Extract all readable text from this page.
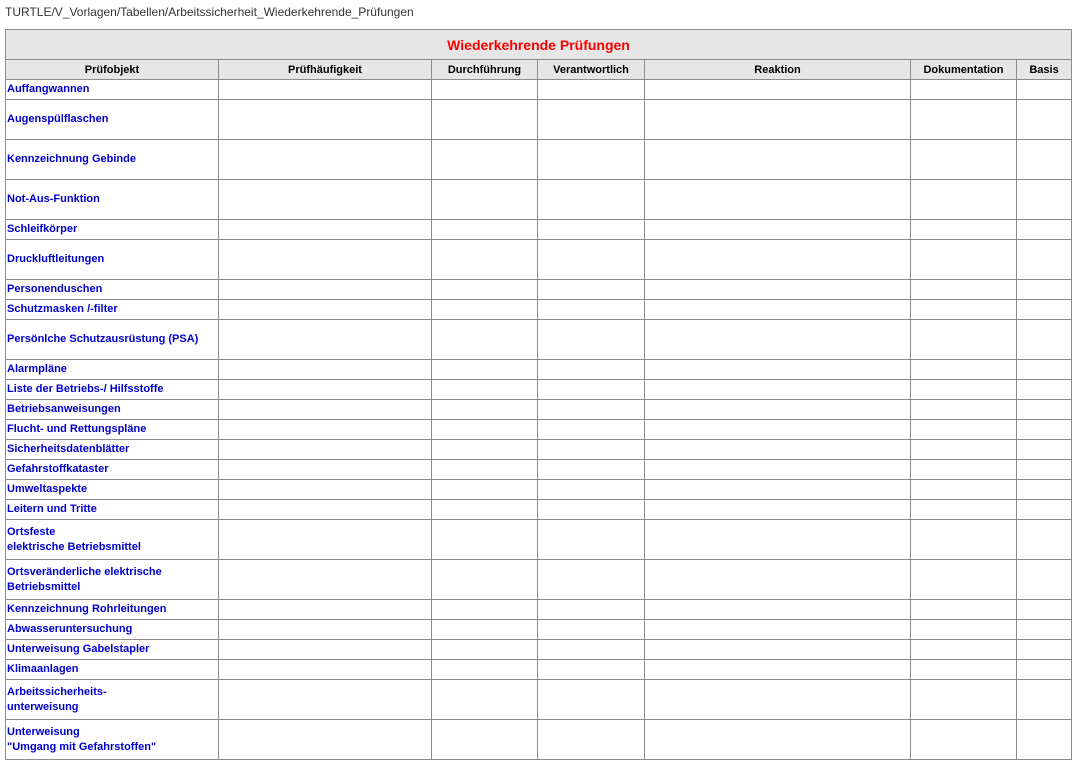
TURTLE/V_Vorlagen/Tabellen/Arbeitssicherheit_Wiederkehrende_Prüfungen
Wiederkehrende Prüfungen						
Prüfobjekt	Prüfhäufigkeit	Durchführung	Verantwortlich	Reaktion	Dokumentation	Basis

Auffangwannen						

Augenspülflaschen						

Kennzeichnung Gebinde						

Not-Aus-Funktion						

Schleifkörper						

Druckluftleitungen						

Personenduschen						

Schutzmasken /-filter						

Persönlche Schutzausrüstung (PSA)						

Alarmpläne						

Liste der Betriebs-/ Hilfsstoffe						

Betriebsanweisungen						

Flucht- und Rettungspläne						

Sicherheitsdatenblätter						

Gefahrstoffkataster						

Umweltaspekte						

Leitern und Tritte						

Ortsfeste
elektrische Betriebsmittel						

Ortsveränderliche elektrische
Betriebsmittel						

Kennzeichnung Rohrleitungen						

Abwasseruntersuchung						

Unterweisung Gabelstapler						

Klimaanlagen						

Arbeitssicherheits-
unterweisung						

Unterweisung
"Umgang mit Gefahrstoffen"						
